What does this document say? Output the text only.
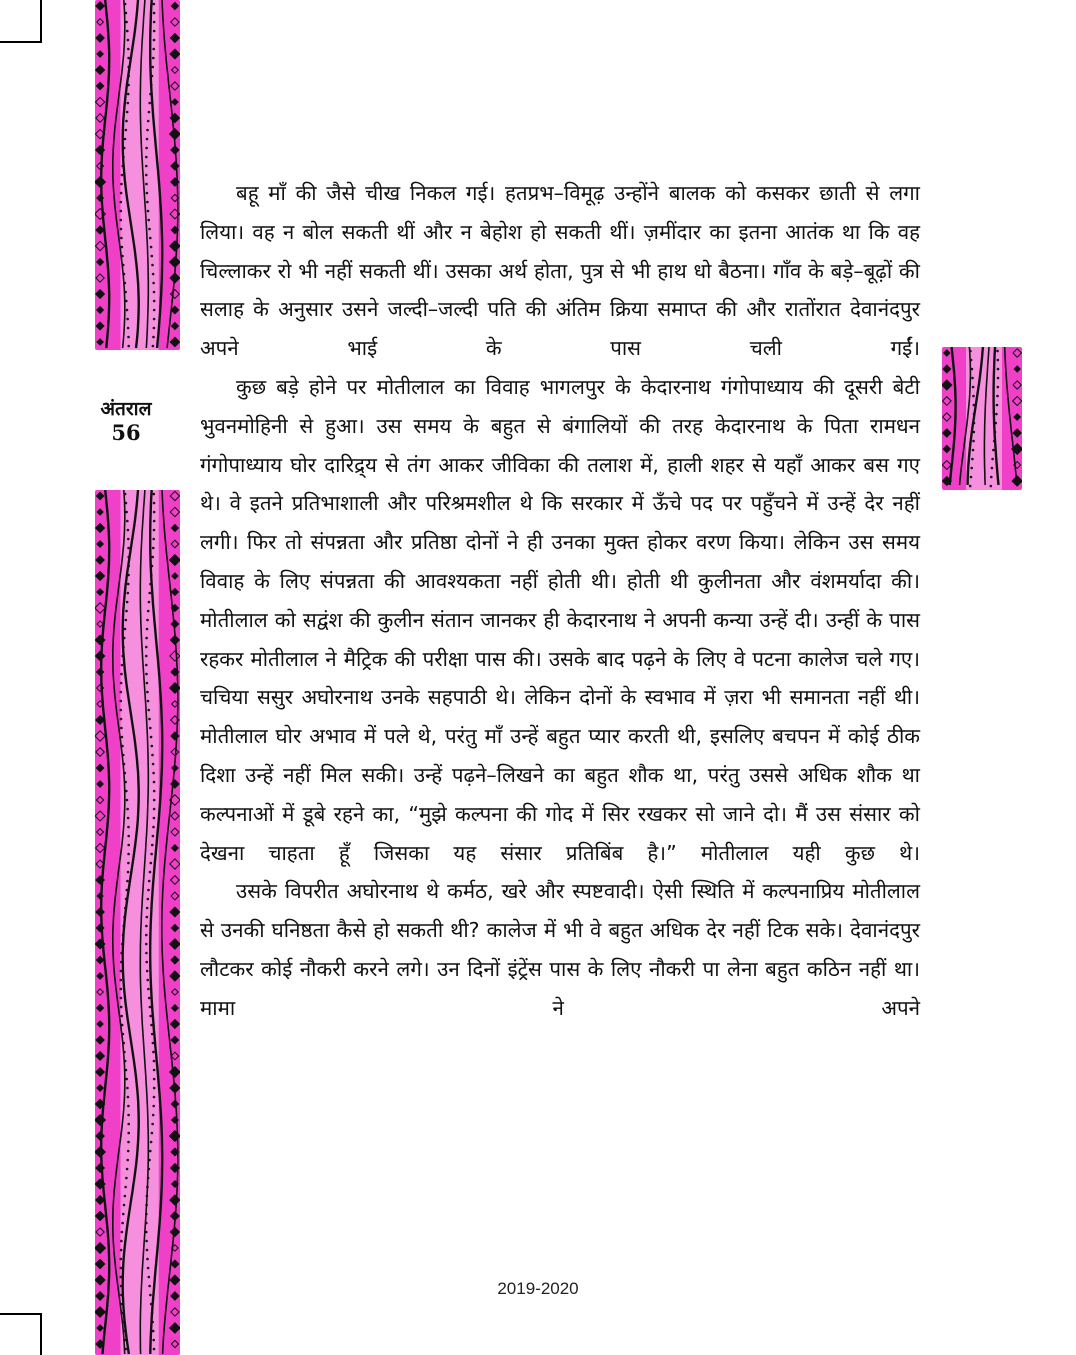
अंतराल
56

बहू माँ की जैसे चीख निकल गई। हतप्रभ–विमूढ़ उन्होंने बालक को कसकर छाती से लगा लिया। वह न बोल सकती थीं और न बेहोश हो सकती थीं। ज़मींदार का इतना आतंक था कि वह चिल्लाकर रो भी नहीं सकती थीं। उसका अर्थ होता, पुत्र से भी हाथ धो बैठना। गाँव के बड़े–बूढ़ों की सलाह के अनुसार उसने जल्दी–जल्दी पति की अंतिम क्रिया समाप्त की और रातोंरात देवानंदपुर अपने भाई के पास चली गईं।

कुछ बड़े होने पर मोतीलाल का विवाह भागलपुर के केदारनाथ गंगोपाध्याय की दूसरी बेटी भुवनमोहिनी से हुआ। उस समय के बहुत से बंगालियों की तरह केदारनाथ के पिता रामधन गंगोपाध्याय घोर दारिद्र्य से तंग आकर जीविका की तलाश में, हाली शहर से यहाँ आकर बस गए थे। वे इतने प्रतिभाशाली और परिश्रमशील थे कि सरकार में ऊँचे पद पर पहुँचने में उन्हें देर नहीं लगी। फिर तो संपन्नता और प्रतिष्ठा दोनों ने ही उनका मुक्त होकर वरण किया। लेकिन उस समय विवाह के लिए संपन्नता की आवश्यकता नहीं होती थी। होती थी कुलीनता और वंशमर्यादा की। मोतीलाल को सद्वंश की कुलीन संतान जानकर ही केदारनाथ ने अपनी कन्या उन्हें दी। उन्हीं के पास रहकर मोतीलाल ने मैट्रिक की परीक्षा पास की। उसके बाद पढ़ने के लिए वे पटना कालेज चले गए। चचिया ससुर अघोरनाथ उनके सहपाठी थे। लेकिन दोनों के स्वभाव में ज़रा भी समानता नहीं थी। मोतीलाल घोर अभाव में पले थे, परंतु माँ उन्हें बहुत प्यार करती थी, इसलिए बचपन में कोई ठीक दिशा उन्हें नहीं मिल सकी। उन्हें पढ़ने–लिखने का बहुत शौक था, परंतु उससे अधिक शौक था कल्पनाओं में डूबे रहने का, “मुझे कल्पना की गोद में सिर रखकर सो जाने दो। मैं उस संसार को देखना चाहता हूँ जिसका यह संसार प्रतिबिंब है।” मोतीलाल यही कुछ थे।

उसके विपरीत अघोरनाथ थे कर्मठ, खरे और स्पष्टवादी। ऐसी स्थिति में कल्पनाप्रिय मोतीलाल से उनकी घनिष्ठता कैसे हो सकती थी? कालेज में भी वे बहुत अधिक देर नहीं टिक सके। देवानंदपुर लौटकर कोई नौकरी करने लगे। उन दिनों इंट्रेंस पास के लिए नौकरी पा लेना बहुत कठिन नहीं था। मामा ने अपने

2019-2020
